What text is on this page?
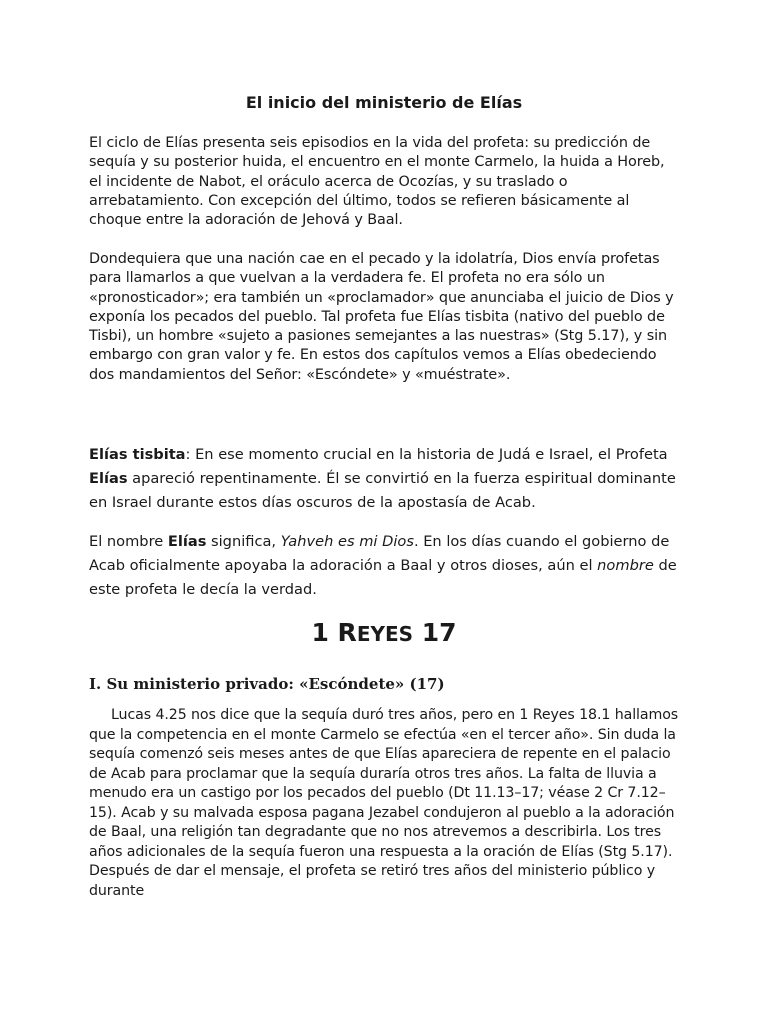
El inicio del ministerio de Elías

El ciclo de Elías presenta seis episodios en la vida del profeta: su predicción de sequía y su posterior huida, el encuentro en el monte Carmelo, la huida a Horeb, el incidente de Nabot, el oráculo acerca de Ocozías, y su traslado o arrebatamiento. Con excepción del último, todos se refieren básicamente al choque entre la adoración de Jehová y Baal.

Dondequiera que una nación cae en el pecado y la idolatría, Dios envía profetas para llamarlos a que vuelvan a la verdadera fe. El profeta no era sólo un «pronosticador»; era también un «proclamador» que anunciaba el juicio de Dios y exponía los pecados del pueblo. Tal profeta fue Elías tisbita (nativo del pueblo de Tisbi), un hombre «sujeto a pasiones semejantes a las nuestras» (Stg 5.17), y sin embargo con gran valor y fe. En estos dos capítulos vemos a Elías obedeciendo dos mandamientos del Señor: «Escóndete» y «muéstrate».

Elías tisbita: En ese momento crucial en la historia de Judá e Israel, el Profeta Elías apareció repentinamente. Él se convirtió en la fuerza espiritual dominante en Israel durante estos días oscuros de la apostasía de Acab.

El nombre Elías significa, Yahveh es mi Dios. En los días cuando el gobierno de Acab oficialmente apoyaba la adoración a Baal y otros dioses, aún el nombre de este profeta le decía la verdad.

1 REYES 17
I. Su ministerio privado: «Escóndete» (17)

Lucas 4.25 nos dice que la sequía duró tres años, pero en 1 Reyes 18.1 hallamos que la competencia en el monte Carmelo se efectúa «en el tercer año». Sin duda la sequía comenzó seis meses antes de que Elías apareciera de repente en el palacio de Acab para proclamar que la sequía duraría otros tres años. La falta de lluvia a menudo era un castigo por los pecados del pueblo (Dt 11.13–17; véase 2 Cr 7.12–15). Acab y su malvada esposa pagana Jezabel condujeron al pueblo a la adoración de Baal, una religión tan degradante que no nos atrevemos a describirla. Los tres años adicionales de la sequía fueron una respuesta a la oración de Elías (Stg 5.17). Después de dar el mensaje, el profeta se retiró tres años del ministerio público y durante
